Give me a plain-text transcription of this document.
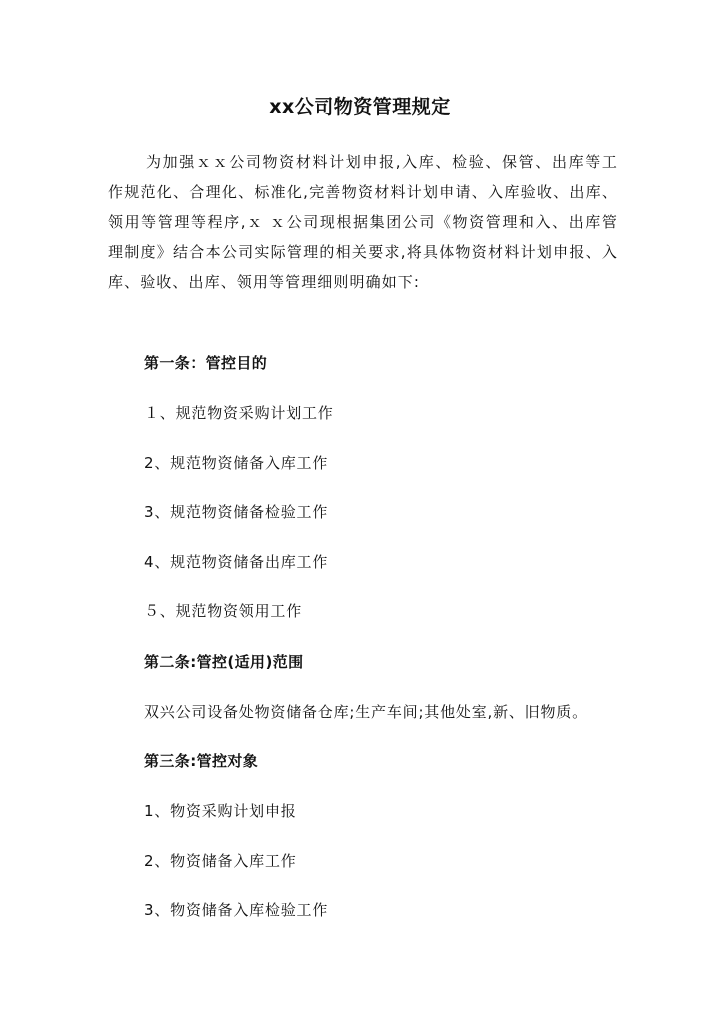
xx公司物资管理规定

为加强ｘｘ公司物资材料计划申报,入库、检验、保管、出库等工作规范化、合理化、标准化,完善物资材料计划申请、入库验收、出库、领用等管理等程序,ｘ ｘ公司现根据集团公司《物资管理和入、出库管理制度》结合本公司实际管理的相关要求,将具体物资材料计划申报、入库、验收、出库、领用等管理细则明确如下:

第一条：管控目的
１、规范物资采购计划工作
2、规范物资储备入库工作
3、规范物资储备检验工作
4、规范物资储备出库工作
５、规范物资领用工作
第二条:管控(适用)范围
双兴公司设备处物资储备仓库;生产车间;其他处室,新、旧物质。
第三条:管控对象
1、物资采购计划申报
2、物资储备入库工作
3、物资储备入库检验工作
